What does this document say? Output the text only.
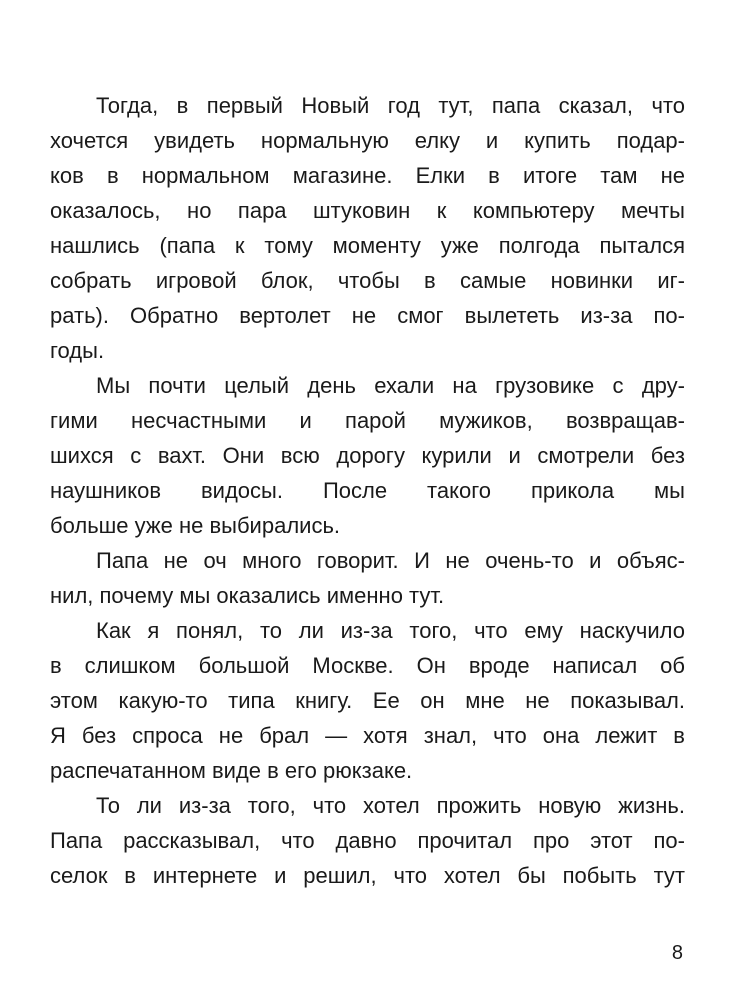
Тогда, в первый Новый год тут, папа сказал, что
хочется увидеть нормальную елку и купить подар-
ков в нормальном магазине. Елки в итоге там не
оказалось, но пара штуковин к компьютеру мечты
нашлись (папа к тому моменту уже полгода пытался
собрать игровой блок, чтобы в самые новинки иг-
рать). Обратно вертолет не смог вылететь из-за по-
годы.
Мы почти целый день ехали на грузовике с дру-
гими несчастными и парой мужиков, возвращав-
шихся с вахт. Они всю дорогу курили и смотрели без
наушников видосы. После такого прикола мы
больше уже не выбирались.
Папа не оч много говорит. И не очень-то и объяс-
нил, почему мы оказались именно тут.
Как я понял, то ли из-за того, что ему наскучило
в слишком большой Москве. Он вроде написал об
этом какую-то типа книгу. Ее он мне не показывал.
Я без спроса не брал — хотя знал, что она лежит в
распечатанном виде в его рюкзаке.
То ли из-за того, что хотел прожить новую жизнь.
Папа рассказывал, что давно прочитал про этот по-
селок в интернете и решил, что хотел бы побыть тут
8
